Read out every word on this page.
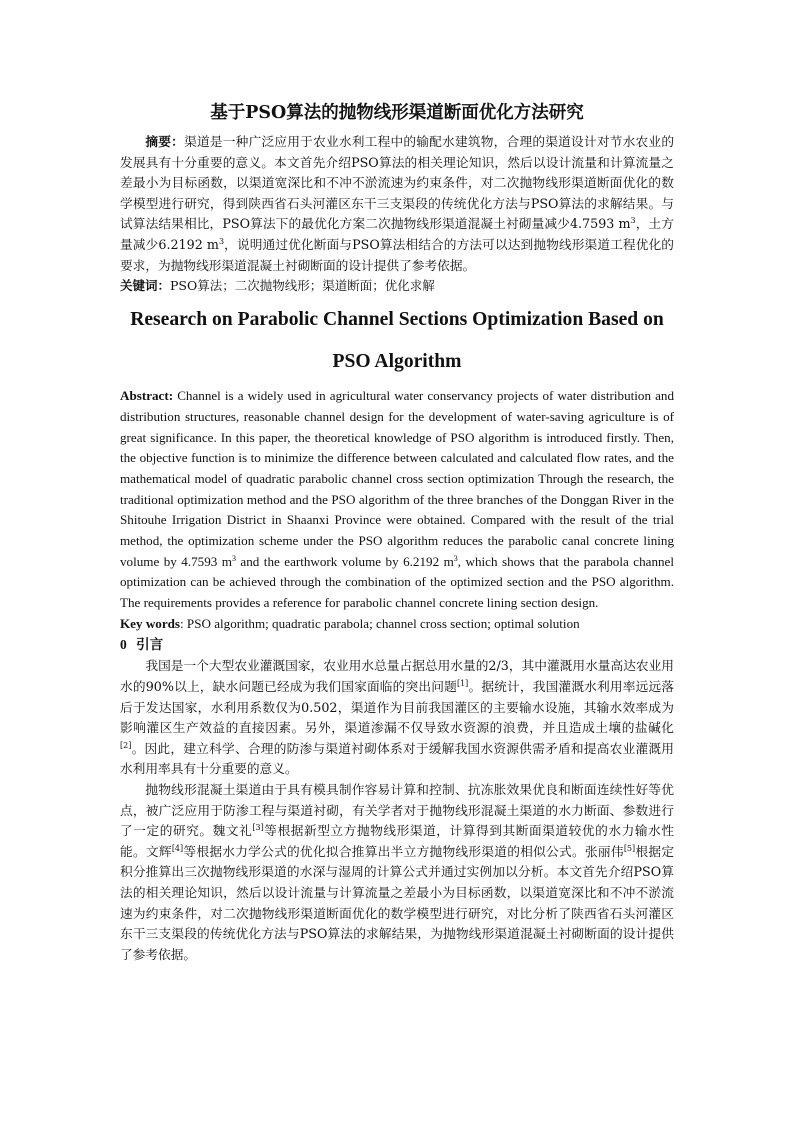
基于PSO算法的抛物线形渠道断面优化方法研究

摘要：渠道是一种广泛应用于农业水利工程中的输配水建筑物，合理的渠道设计对节水农业的发展具有十分重要的意义。本文首先介绍PSO算法的相关理论知识，然后以设计流量和计算流量之差最小为目标函数，以渠道宽深比和不冲不淤流速为约束条件，对二次抛物线形渠道断面优化的数学模型进行研究，得到陕西省石头河灌区东干三支渠段的传统优化方法与PSO算法的求解结果。与试算法结果相比，PSO算法下的最优化方案二次抛物线形渠道混凝土衬砌量减少4.7593 $m^3$，土方量减少6.2192 $m^3$，说明通过优化断面与PSO算法相结合的方法可以达到抛物线形渠道工程优化的要求，为抛物线形渠道混凝土衬砌断面的设计提供了参考依据。

关键词：PSO算法；二次抛物线形；渠道断面；优化求解

Research on Parabolic Channel Sections Optimization Based on
PSO Algorithm

Abstract: Channel is a widely used in agricultural water conservancy projects of water distribution and distribution structures, reasonable channel design for the development of water-saving agriculture is of great significance. In this paper, the theoretical knowledge of PSO algorithm is introduced firstly. Then, the objective function is to minimize the difference between calculated and calculated flow rates, and the mathematical model of quadratic parabolic channel cross section optimization Through the research, the traditional optimization method and the PSO algorithm of the three branches of the Donggan River in the Shitouhe Irrigation District in Shaanxi Province were obtained. Compared with the result of the trial method, the optimization scheme under the PSO algorithm reduces the parabolic canal concrete lining volume by 4.7593 $m^3$ and the earthwork volume by 6.2192 $m^3$, which shows that the parabola channel optimization can be achieved through the combination of the optimized section and the PSO algorithm. The requirements provides a reference for parabolic channel concrete lining section design.

Key words: PSO algorithm; quadratic parabola; channel cross section; optimal solution

0 引言

我国是一个大型农业灌溉国家，农业用水总量占据总用水量的2/3，其中灌溉用水量高达农业用水的90%以上，缺水问题已经成为我们国家面临的突出问题[1]。据统计，我国灌溉水利用率远远落后于发达国家，水利用系数仅为0.502，渠道作为目前我国灌区的主要输水设施，其输水效率成为影响灌区生产效益的直接因素。另外，渠道渗漏不仅导致水资源的浪费，并且造成土壤的盐碱化[2]。因此，建立科学、合理的防渗与渠道衬砌体系对于缓解我国水资源供需矛盾和提高农业灌溉用水利用率具有十分重要的意义。

抛物线形混凝土渠道由于具有模具制作容易计算和控制、抗冻胀效果优良和断面连续性好等优点，被广泛应用于防渗工程与渠道衬砌，有关学者对于抛物线形混凝土渠道的水力断面、参数进行了一定的研究。魏文礼[3]等根据新型立方抛物线形渠道，计算得到其断面渠道较优的水力输水性能。文辉[4]等根据水力学公式的优化拟合推算出半立方抛物线形渠道的相似公式。张丽伟[5]根据定积分推算出三次抛物线形渠道的水深与湿周的计算公式并通过实例加以分析。本文首先介绍PSO算法的相关理论知识，然后以设计流量与计算流量之差最小为目标函数，以渠道宽深比和不冲不淤流速为约束条件，对二次抛物线形渠道断面优化的数学模型进行研究，对比分析了陕西省石头河灌区东干三支渠段的传统优化方法与PSO算法的求解结果，为抛物线形渠道混凝土衬砌断面的设计提供了参考依据。
